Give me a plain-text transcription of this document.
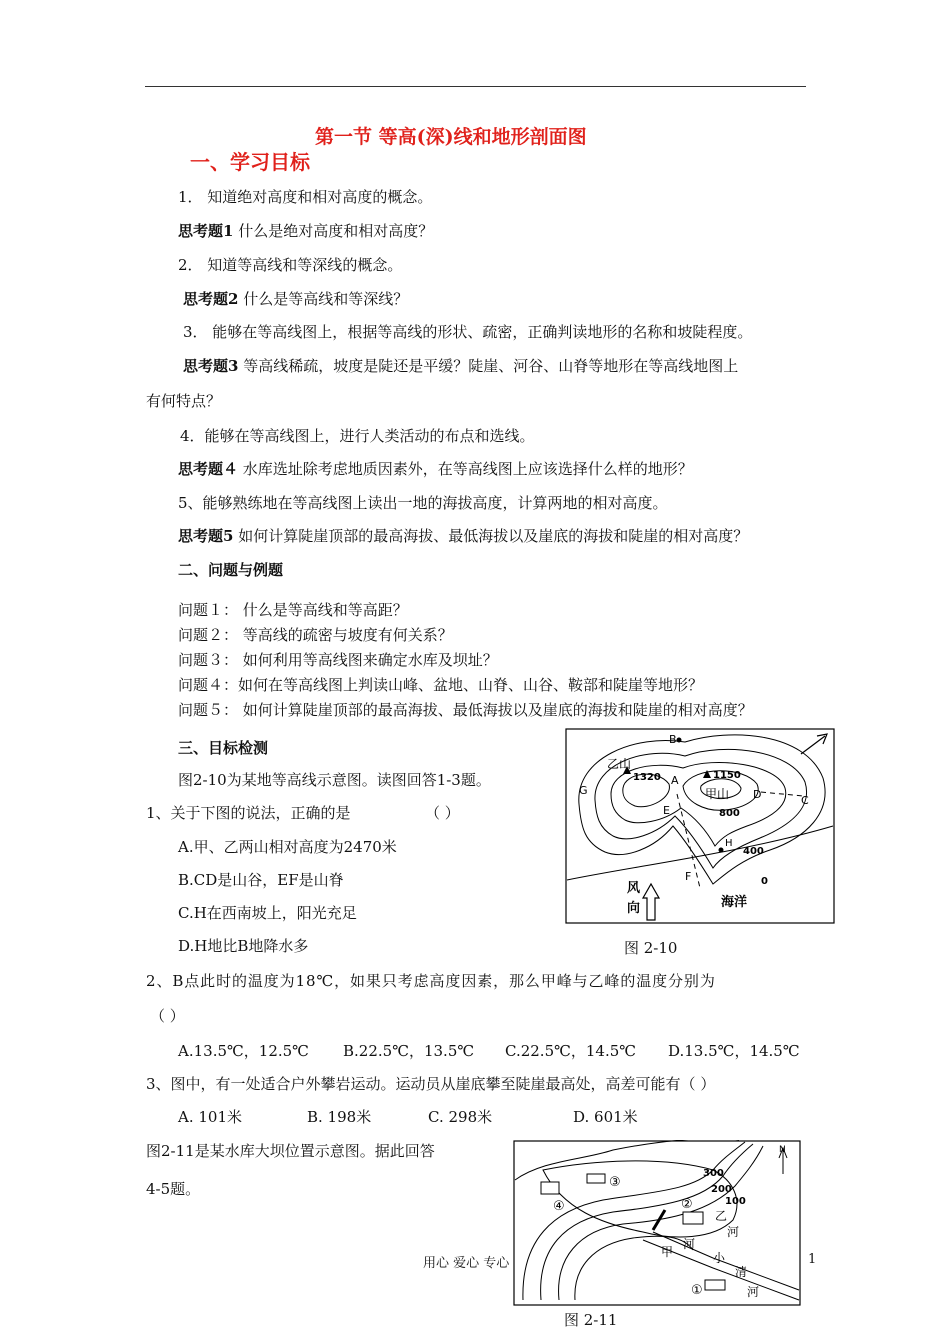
第一节 等高(深)线和地形剖面图
一、学习目标
1． 知道绝对高度和相对高度的概念。
思考题1 什么是绝对高度和相对高度？
2． 知道等高线和等深线的概念。
思考题2 什么是等高线和等深线？
3． 能够在等高线图上，根据等高线的形状、疏密，正确判读地形的名称和坡陡程度。
思考题3 等高线稀疏，坡度是陡还是平缓？陡崖、河谷、山脊等地形在等高线地图上
有何特点？
4．能够在等高线图上，进行人类活动的布点和选线。
思考题４ 水库选址除考虑地质因素外，在等高线图上应该选择什么样的地形？
5、能够熟练地在等高线图上读出一地的海拔高度，计算两地的相对高度。
思考题5 如何计算陡崖顶部的最高海拔、最低海拔以及崖底的海拔和陡崖的相对高度？
二、问题与例题
问题１： 什么是等高线和等高距？
问题２： 等高线的疏密与坡度有何关系？
问题３： 如何利用等高线图来确定水库及坝址？
问题４：如何在等高线图上判读山峰、盆地、山脊、山谷、鞍部和陡崖等地形？
问题５： 如何计算陡崖顶部的最高海拔、最低海拔以及崖底的海拔和陡崖的相对高度？
三、目标检测
图2-10为某地等高线示意图。读图回答1-3题。
1、关于下图的说法，正确的是	（ ）
A.甲、乙两山相对高度为2470米
B.CD是山谷，EF是山脊
C.H在西南坡上，阳光充足
D.H地比B地降水多
2、B点此时的温度为18℃，如果只考虑高度因素，那么甲峰与乙峰的温度分别为
（ ）
A.13.5℃，12.5℃ B.22.5℃，13.5℃ C.22.5℃，14.5℃ D.13.5℃，14.5℃
3、图中，有一处适合户外攀岩运动。运动员从崖底攀至陡崖最高处，高差可能有（ ）
A. 101米	B. 198米	C. 298米	D. 601米
图2-11是某水库大坝位置示意图。据此回答
4-5题。
B
乙山
1320 A	1150
甲山 D	C
G
E	800
H
400
F	0
风
向	海洋
图 2-10
N
300
200
100
①
②
③
④
乙
河
甲
河
小
清
河
图 2-11
用心 爱心 专心	1
